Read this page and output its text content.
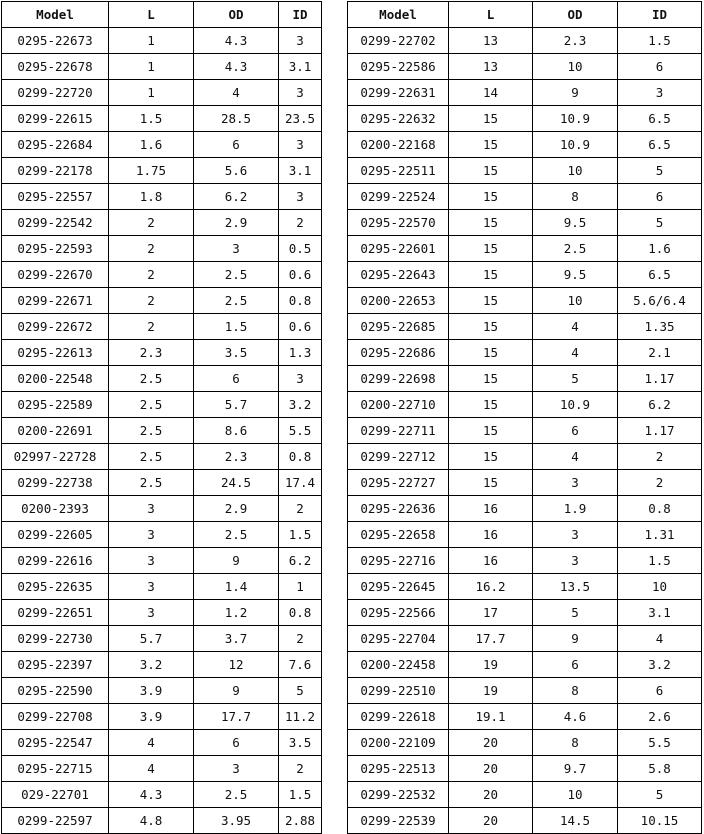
Model	L	OD	ID
0295-22673	1	4.3	3
0295-22678	1	4.3	3.1
0299-22720	1	4	3
0299-22615	1.5	28.5	23.5
0295-22684	1.6	6	3
0299-22178	1.75	5.6	3.1
0295-22557	1.8	6.2	3
0299-22542	2	2.9	2
0295-22593	2	3	0.5
0299-22670	2	2.5	0.6
0299-22671	2	2.5	0.8
0299-22672	2	1.5	0.6
0295-22613	2.3	3.5	1.3
0200-22548	2.5	6	3
0295-22589	2.5	5.7	3.2
0200-22691	2.5	8.6	5.5
02997-22728	2.5	2.3	0.8
0299-22738	2.5	24.5	17.4
0200-2393	3	2.9	2
0299-22605	3	2.5	1.5
0299-22616	3	9	6.2
0295-22635	3	1.4	1
0299-22651	3	1.2	0.8
0299-22730	5.7	3.7	2
0295-22397	3.2	12	7.6
0295-22590	3.9	9	5
0299-22708	3.9	17.7	11.2
0295-22547	4	6	3.5
0295-22715	4	3	2
029-22701	4.3	2.5	1.5
0299-22597	4.8	3.95	2.88
Model	L	OD	ID
0299-22702	13	2.3	1.5
0295-22586	13	10	6
0299-22631	14	9	3
0295-22632	15	10.9	6.5
0200-22168	15	10.9	6.5
0295-22511	15	10	5
0299-22524	15	8	6
0295-22570	15	9.5	5
0295-22601	15	2.5	1.6
0295-22643	15	9.5	6.5
0200-22653	15	10	5.6/6.4
0295-22685	15	4	1.35
0295-22686	15	4	2.1
0299-22698	15	5	1.17
0200-22710	15	10.9	6.2
0299-22711	15	6	1.17
0299-22712	15	4	2
0295-22727	15	3	2
0295-22636	16	1.9	0.8
0295-22658	16	3	1.31
0295-22716	16	3	1.5
0295-22645	16.2	13.5	10
0295-22566	17	5	3.1
0295-22704	17.7	9	4
0200-22458	19	6	3.2
0299-22510	19	8	6
0299-22618	19.1	4.6	2.6
0200-22109	20	8	5.5
0295-22513	20	9.7	5.8
0299-22532	20	10	5
0299-22539	20	14.5	10.15
